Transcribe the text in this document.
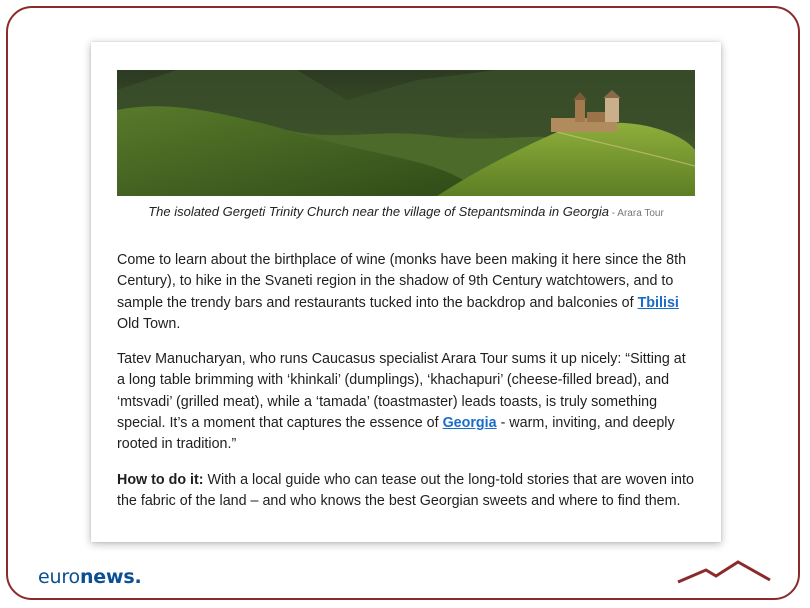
The isolated Gergeti Trinity Church near the village of Stepantsminda in Georgia - Arara Tour

Come to learn about the birthplace of wine (monks have been making it here since the 8th Century), to hike in the Svaneti region in the shadow of 9th Century watchtowers, and to sample the trendy bars and restaurants tucked into the backdrop and balconies of Tbilisi Old Town.

Tatev Manucharyan, who runs Caucasus specialist Arara Tour sums it up nicely: “Sitting at a long table brimming with ‘khinkali’ (dumplings), ‘khachapuri’ (cheese-filled bread), and ‘mtsvadi’ (grilled meat), while a ‘tamada’ (toastmaster) leads toasts, is truly something special. It’s a moment that captures the essence of Georgia - warm, inviting, and deeply rooted in tradition.”

How to do it: With a local guide who can tease out the long-told stories that are woven into the fabric of the land – and who knows the best Georgian sweets and where to find them.

euronews.
